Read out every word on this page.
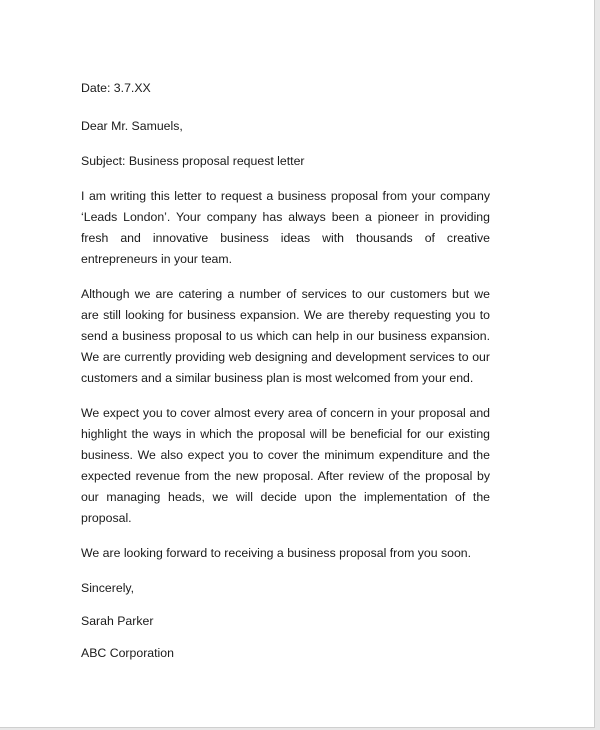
Date: 3.7.XX

Dear Mr. Samuels,

Subject: Business proposal request letter

I am writing this letter to request a business proposal from your company ‘Leads London’. Your company has always been a pioneer in providing fresh and innovative business ideas with thousands of creative entrepreneurs in your team.

Although we are catering a number of services to our customers but we are still looking for business expansion. We are thereby requesting you to send a business proposal to us which can help in our business expansion. We are currently providing web designing and development services to our customers and a similar business plan is most welcomed from your end.

We expect you to cover almost every area of concern in your proposal and highlight the ways in which the proposal will be beneficial for our existing business. We also expect you to cover the minimum expenditure and the expected revenue from the new proposal. After review of the proposal by our managing heads, we will decide upon the implementation of the proposal.

We are looking forward to receiving a business proposal from you soon.

Sincerely,

Sarah Parker

ABC Corporation
